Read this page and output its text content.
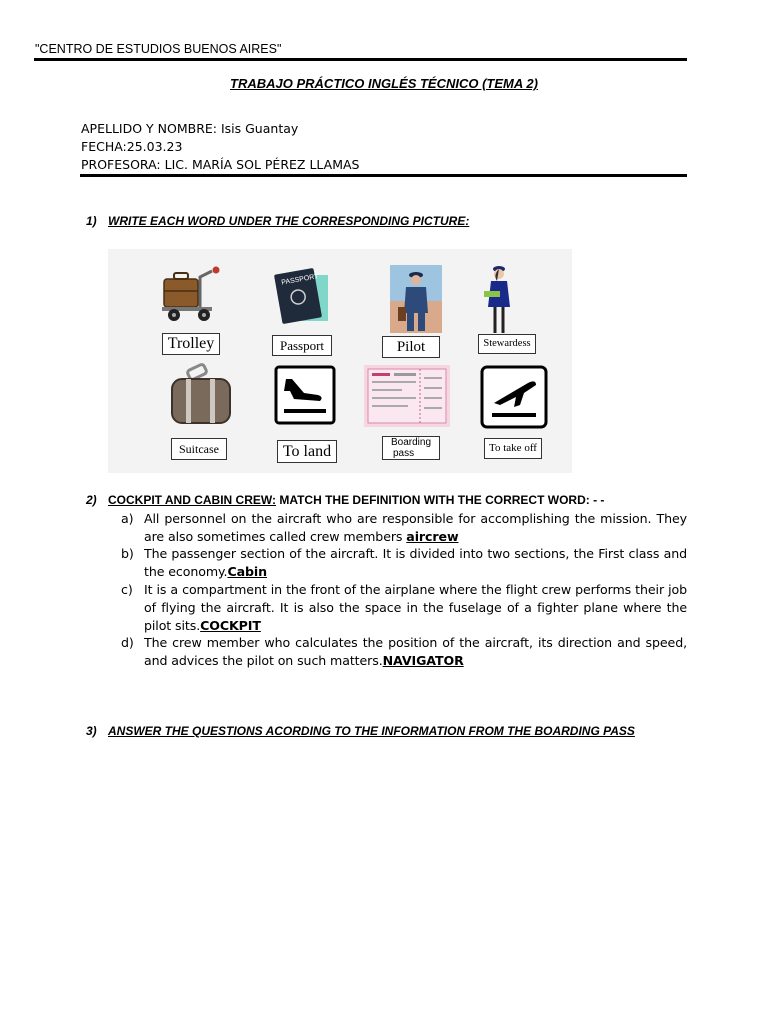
"CENTRO DE ESTUDIOS BUENOS AIRES"
TRABAJO PRÁCTICO INGLÉS TÉCNICO (TEMA 2)
APELLIDO Y NOMBRE: Isis Guantay
FECHA:25.03.23
PROFESORA: LIC. MARÍA SOL PÉREZ LLAMAS
1) WRITE EACH WORD UNDER THE CORRESPONDING PICTURE:
PASSPORT
Trolley	Passport	Pilot	Stewardess
Suitcase	To land
Boarding
pass	To take off
2) COCKPIT AND CABIN CREW: MATCH THE DEFINITION WITH THE CORRECT WORD: - -
a) All personnel on the aircraft who are responsible for accomplishing the mission. They are also sometimes called crew members aircrew
b) The passenger section of the aircraft. It is divided into two sections, the First class and the economy.Cabin
c) It is a compartment in the front of the airplane where the flight crew performs their job of flying the aircraft. It is also the space in the fuselage of a fighter plane where the pilot sits.COCKPIT
d) The crew member who calculates the position of the aircraft, its direction and speed, and advices the pilot on such matters.NAVIGATOR
3) ANSWER THE QUESTIONS ACORDING TO THE INFORMATION FROM THE BOARDING PASS
